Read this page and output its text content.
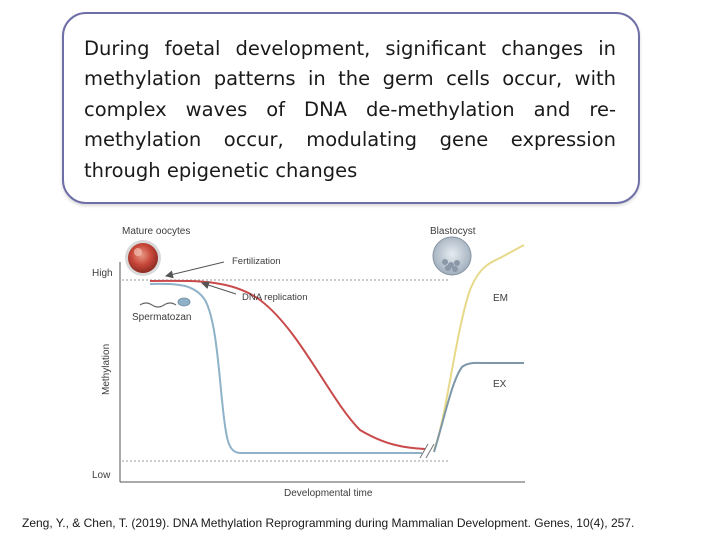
During foetal development, significant changes in methylation patterns in the germ cells occur, with complex waves of DNA de-methylation and re-methylation occur, modulating gene expression through epigenetic changes
High
Low
Methylation
Developmental time
EM
EX
Mature oocytes	Blastocyst
Spermatozan
Fertilization
DNA replication
Zeng, Y., & Chen, T. (2019). DNA Methylation Reprogramming during Mammalian Development. Genes, 10(4), 257.
